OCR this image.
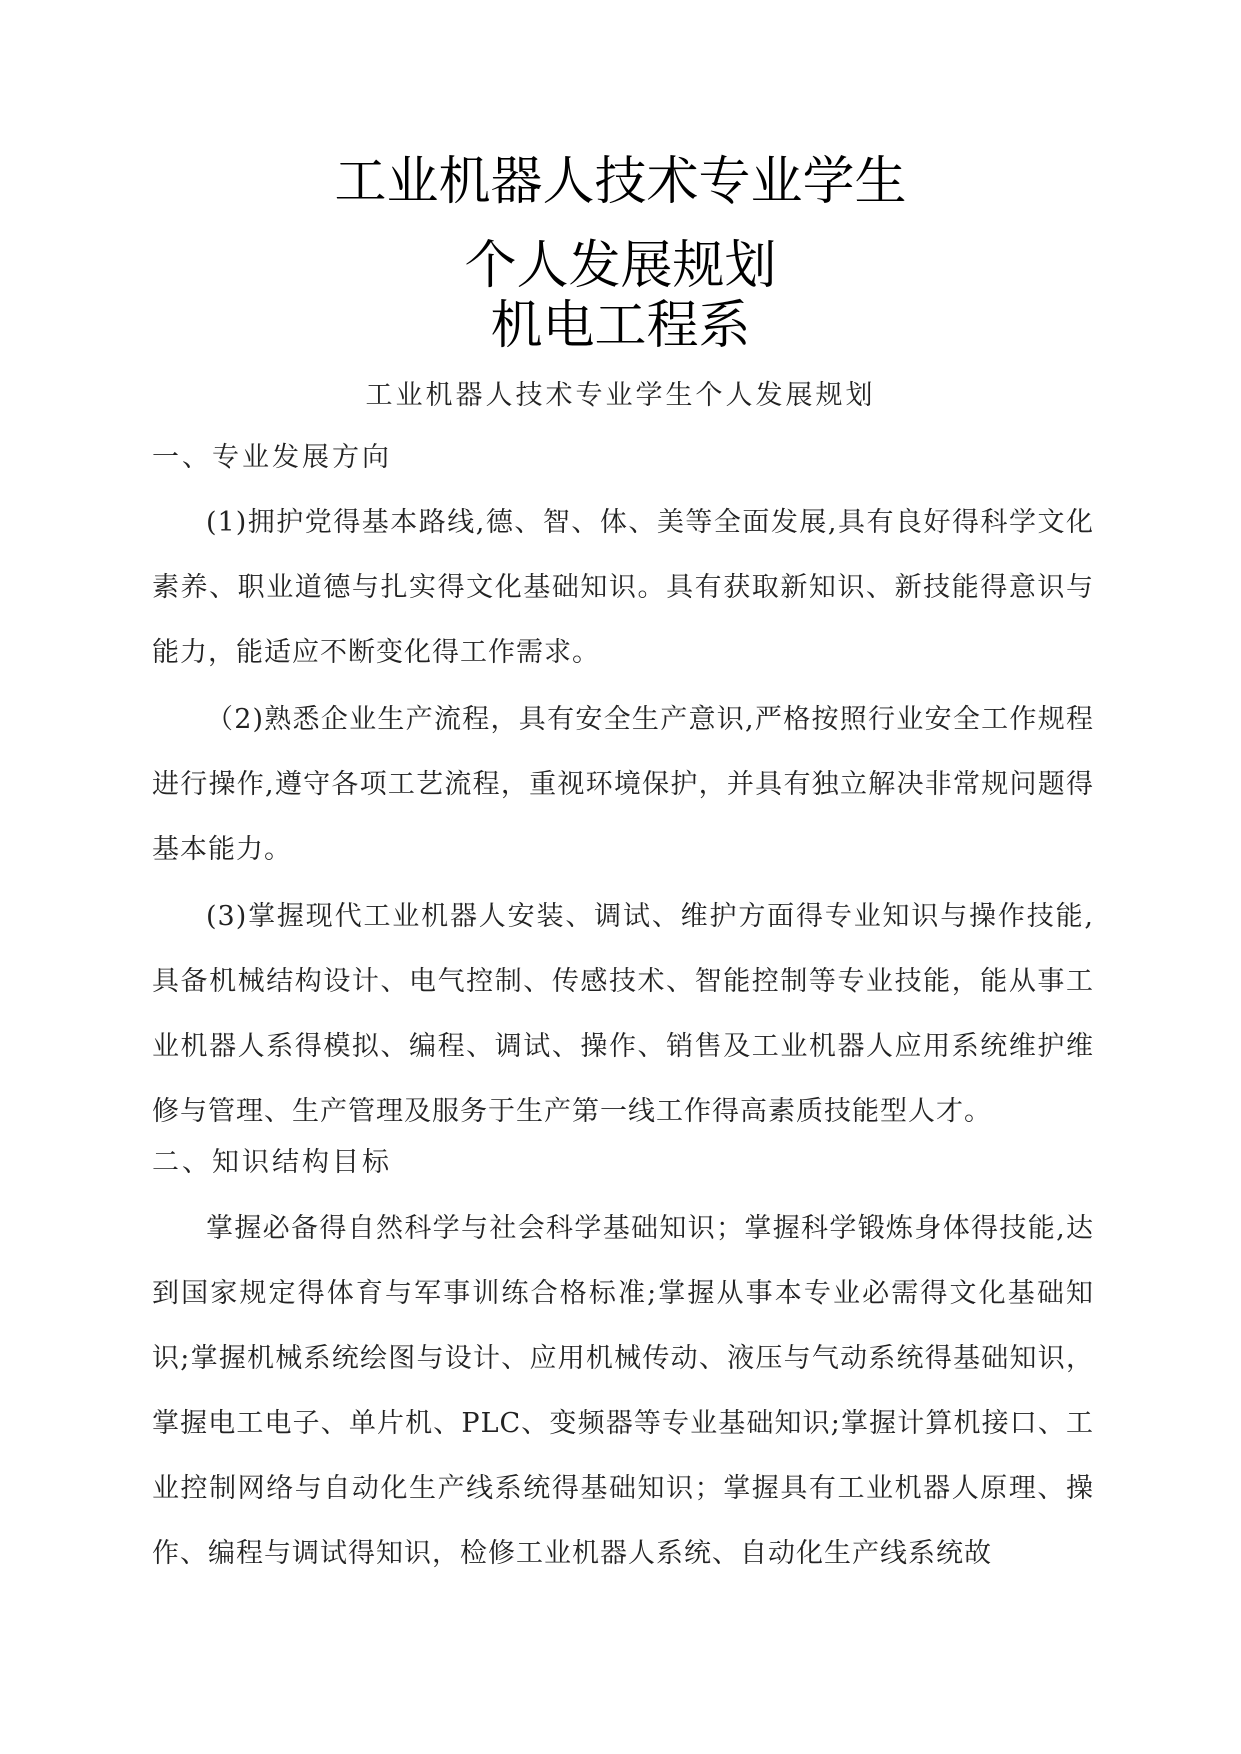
工业机器人技术专业学生
个人发展规划
机电工程系
工业机器人技术专业学生个人发展规划
一、专业发展方向

(1)拥护党得基本路线,德、智、体、美等全面发展,具有良好得科学文化素养、职业道德与扎实得文化基础知识。具有获取新知识、新技能得意识与能力，能适应不断变化得工作需求。

（2)熟悉企业生产流程，具有安全生产意识,严格按照行业安全工作规程进行操作,遵守各项工艺流程，重视环境保护，并具有独立解决非常规问题得基本能力。

(3)掌握现代工业机器人安装、调试、维护方面得专业知识与操作技能,具备机械结构设计、电气控制、传感技术、智能控制等专业技能，能从事工业机器人系得模拟、编程、调试、操作、销售及工业机器人应用系统维护维修与管理、生产管理及服务于生产第一线工作得高素质技能型人才。

二、知识结构目标

掌握必备得自然科学与社会科学基础知识；掌握科学锻炼身体得技能,达到国家规定得体育与军事训练合格标准;掌握从事本专业必需得文化基础知识;掌握机械系统绘图与设计、应用机械传动、液压与气动系统得基础知识，掌握电工电子、单片机、PLC、变频器等专业基础知识;掌握计算机接口、工业控制网络与自动化生产线系统得基础知识；掌握具有工业机器人原理、操作、编程与调试得知识，检修工业机器人系统、自动化生产线系统故
